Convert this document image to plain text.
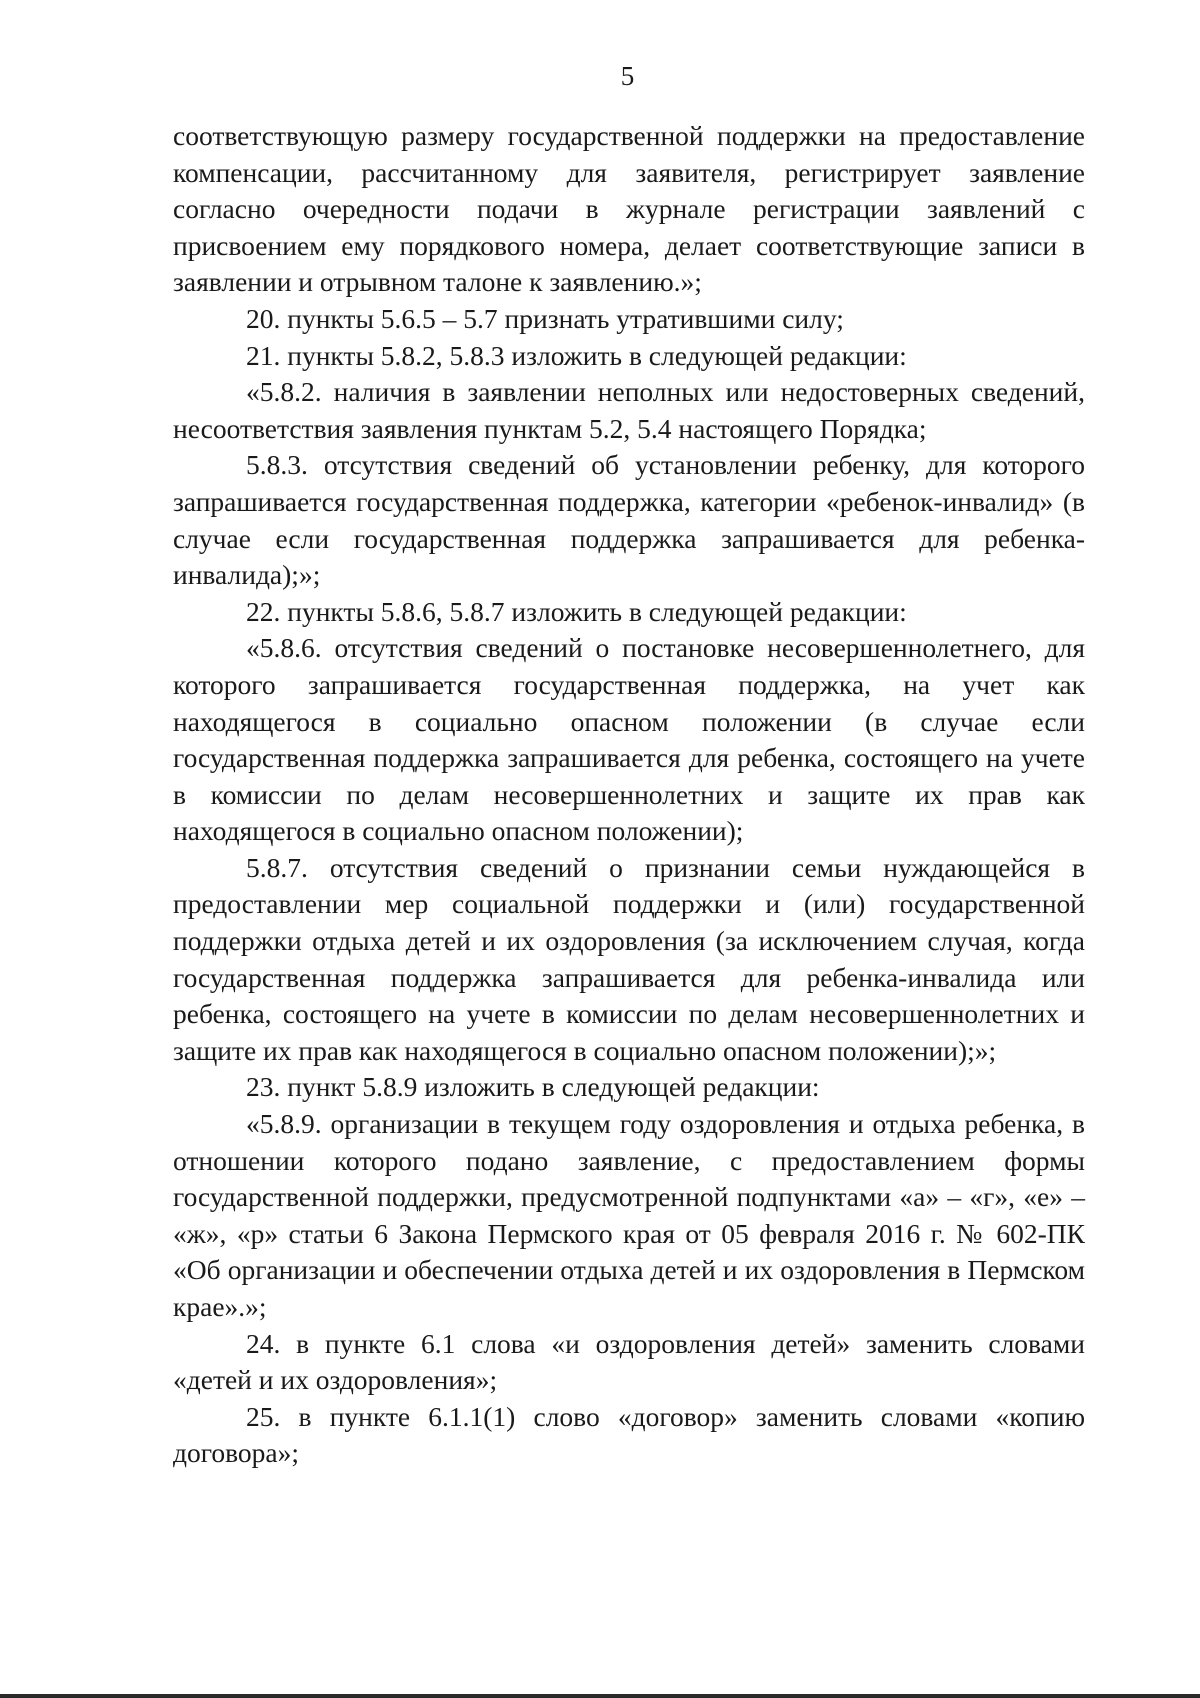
5

соответствующую размеру государственной поддержки на предоставление компенсации, рассчитанному для заявителя, регистрирует заявление согласно очередности подачи в журнале регистрации заявлений с присвоением ему порядкового номера, делает соответствующие записи в заявлении и отрывном талоне к заявлению.»;

20. пункты 5.6.5 – 5.7 признать утратившими силу;

21. пункты 5.8.2, 5.8.3 изложить в следующей редакции:

«5.8.2. наличия в заявлении неполных или недостоверных сведений, несоответствия заявления пунктам 5.2, 5.4 настоящего Порядка;

5.8.3. отсутствия сведений об установлении ребенку, для которого запрашивается государственная поддержка, категории «ребенок-инвалид» (в случае если государственная поддержка запрашивается для ребенка-инвалида);»;

22. пункты 5.8.6, 5.8.7 изложить в следующей редакции:

«5.8.6. отсутствия сведений о постановке несовершеннолетнего, для которого запрашивается государственная поддержка, на учет как находящегося в социально опасном положении (в случае если государственная поддержка запрашивается для ребенка, состоящего на учете в комиссии по делам несовершеннолетних и защите их прав как находящегося в социально опасном положении);

5.8.7. отсутствия сведений о признании семьи нуждающейся в предоставлении мер социальной поддержки и (или) государственной поддержки отдыха детей и их оздоровления (за исключением случая, когда государственная поддержка запрашивается для ребенка-инвалида или ребенка, состоящего на учете в комиссии по делам несовершеннолетних и защите их прав как находящегося в социально опасном положении);»;

23. пункт 5.8.9 изложить в следующей редакции:

«5.8.9. организации в текущем году оздоровления и отдыха ребенка, в отношении которого подано заявление, с предоставлением формы государственной поддержки, предусмотренной подпунктами «а» – «г», «е» – «ж», «р» статьи 6 Закона Пермского края от 05 февраля 2016 г. № 602-ПК «Об организации и обеспечении отдыха детей и их оздоровления в Пермском крае».»;

24. в пункте 6.1 слова «и оздоровления детей» заменить словами «детей и их оздоровления»;

25. в пункте 6.1.1(1) слово «договор» заменить словами «копию договора»;
